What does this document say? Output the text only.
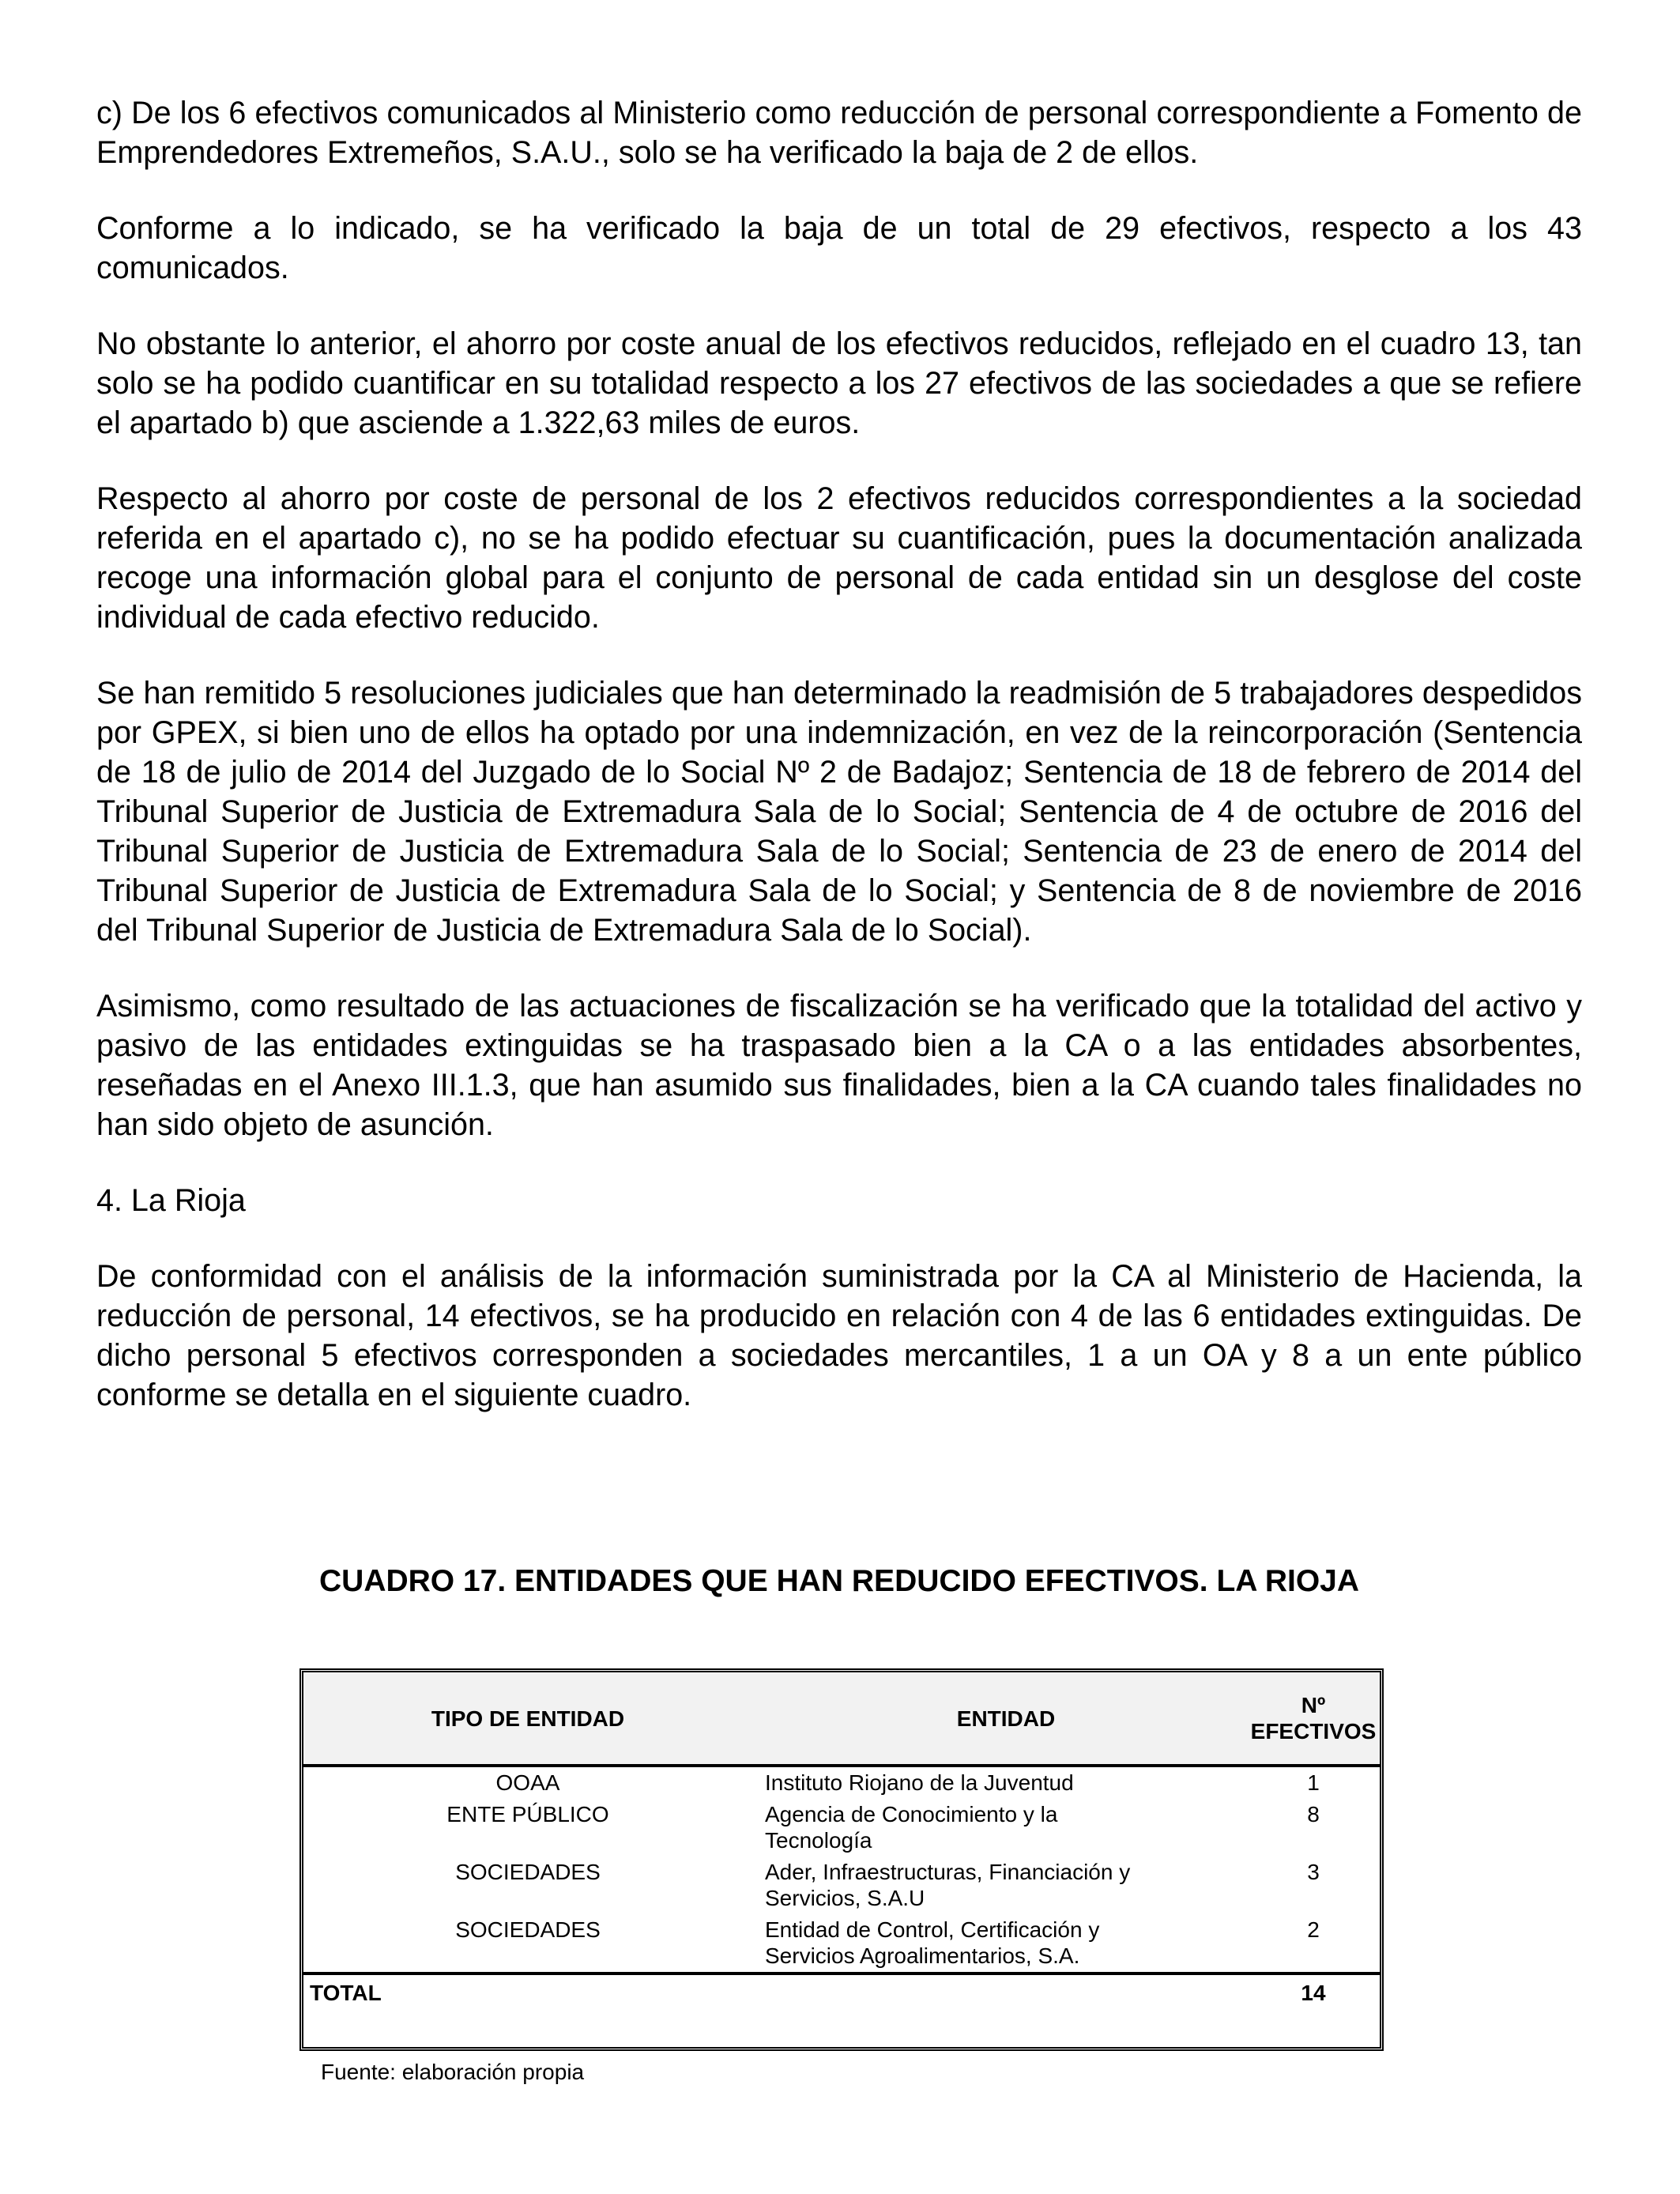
c) De los 6 efectivos comunicados al Ministerio como reducción de personal correspondiente a Fomento de Emprendedores Extremeños, S.A.U., solo se ha verificado la baja de 2 de ellos.

Conforme a lo indicado, se ha verificado la baja de un total de 29 efectivos, respecto a los 43 comunicados.

No obstante lo anterior, el ahorro por coste anual de los efectivos reducidos, reflejado en el cuadro 13, tan solo se ha podido cuantificar en su totalidad respecto a los 27 efectivos de las sociedades a que se refiere el apartado b) que asciende a 1.322,63 miles de euros.

Respecto al ahorro por coste de personal de los 2 efectivos reducidos correspondientes a la sociedad referida en el apartado c), no se ha podido efectuar su cuantificación, pues la documentación analizada recoge una información global para el conjunto de personal de cada entidad sin un desglose del coste individual de cada efectivo reducido.

Se han remitido 5 resoluciones judiciales que han determinado la readmisión de 5 trabajadores despedidos por GPEX, si bien uno de ellos ha optado por una indemnización, en vez de la reincorporación (Sentencia de 18 de julio de 2014 del Juzgado de lo Social Nº 2 de Badajoz; Sentencia de 18 de febrero de 2014 del Tribunal Superior de Justicia de Extremadura Sala de lo Social; Sentencia de 4 de octubre de 2016 del Tribunal Superior de Justicia de Extremadura Sala de lo Social; Sentencia de 23 de enero de 2014 del Tribunal Superior de Justicia de Extremadura Sala de lo Social; y Sentencia de 8 de noviembre de 2016 del Tribunal Superior de Justicia de Extremadura Sala de lo Social).

Asimismo, como resultado de las actuaciones de fiscalización se ha verificado que la totalidad del activo y pasivo de las entidades extinguidas se ha traspasado bien a la CA o a las entidades absorbentes, reseñadas en el Anexo III.1.3, que han asumido sus finalidades, bien a la CA cuando tales finalidades no han sido objeto de asunción.

4. La Rioja

De conformidad con el análisis de la información suministrada por la CA al Ministerio de Hacienda, la reducción de personal, 14 efectivos, se ha producido en relación con 4 de las 6 entidades extinguidas. De dicho personal 5 efectivos corresponden a sociedades mercantiles, 1 a un OA y 8 a un ente público conforme se detalla en el siguiente cuadro.

CUADRO 17. ENTIDADES QUE HAN REDUCIDO EFECTIVOS. LA RIOJA

TIPO DE ENTIDAD	ENTIDAD	Nº
EFECTIVOS
OOAA	Instituto Riojano de la Juventud	1
ENTE PÚBLICO	Agencia de Conocimiento y la
Tecnología	8
SOCIEDADES	Ader, Infraestructuras, Financiación y
Servicios, S.A.U	3
SOCIEDADES	Entidad de Control, Certificación y
Servicios Agroalimentarios, S.A.	2
TOTAL		14

Fuente: elaboración propia
